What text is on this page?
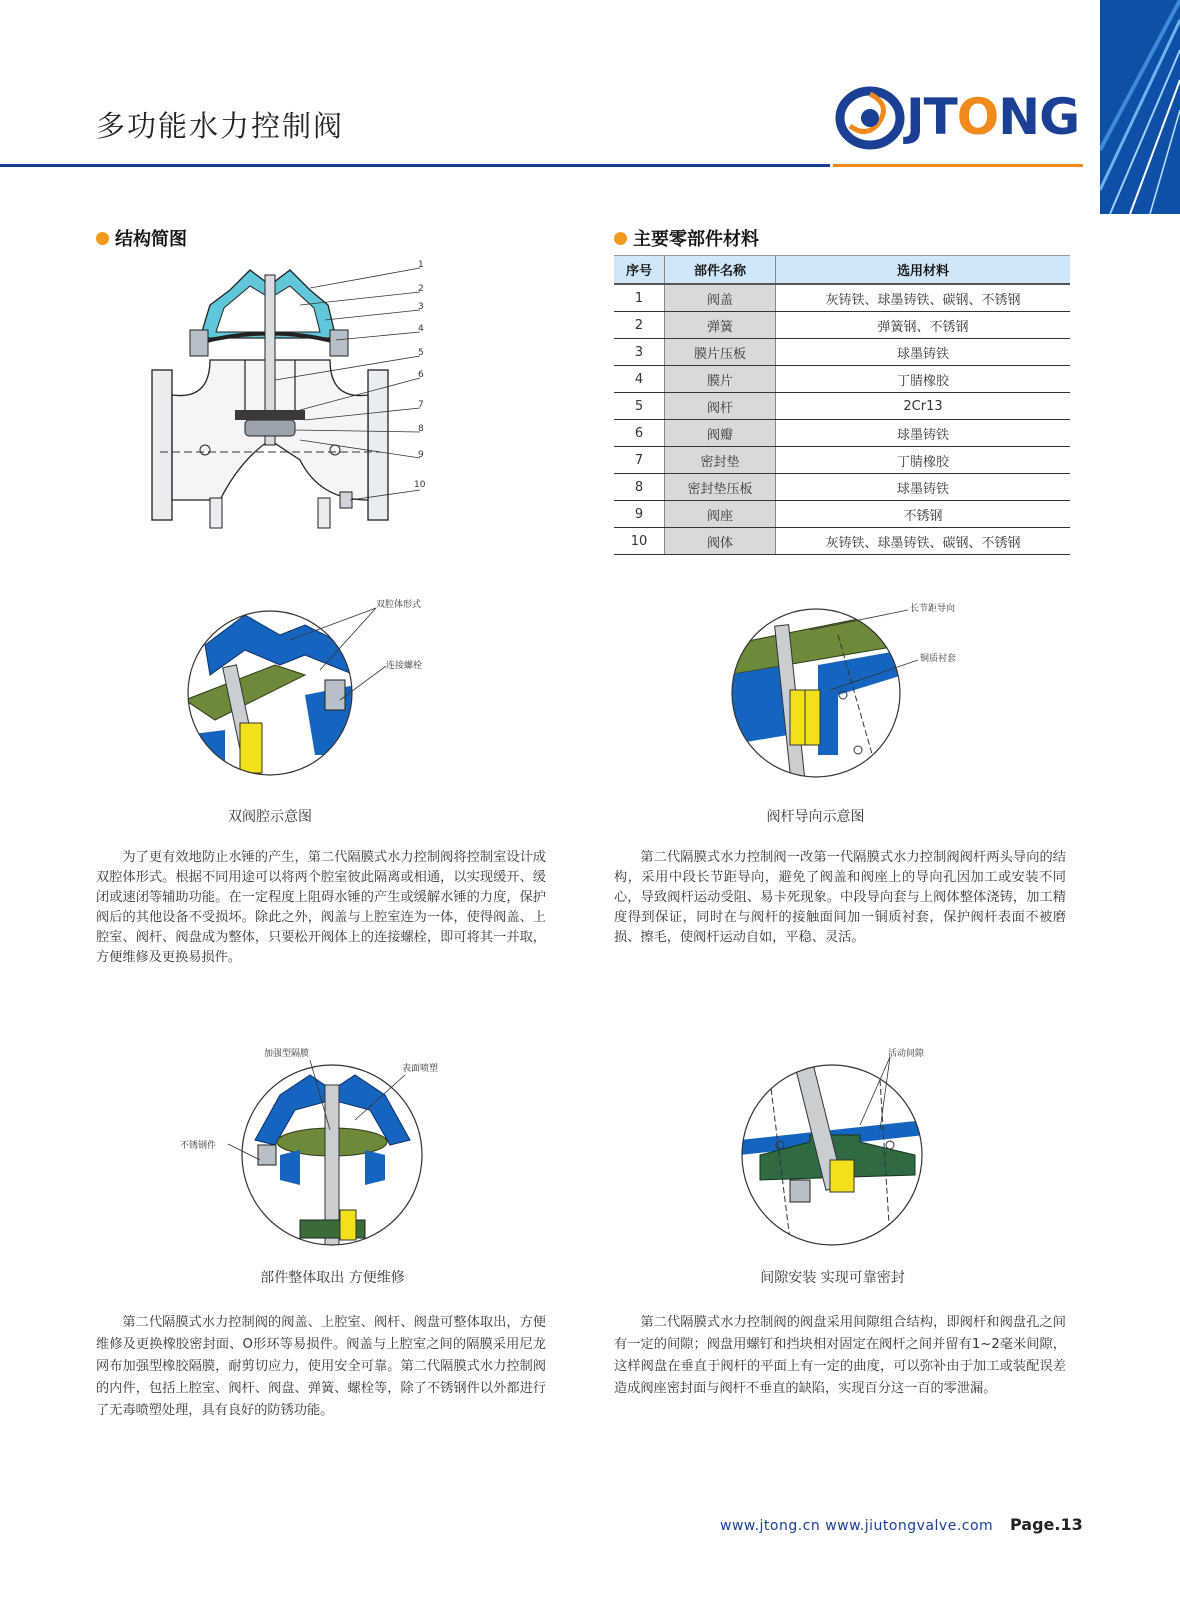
多功能水力控制阀	JTONG
结构简图	主要零部件材料
1
2
3
4
5
6
7
8
9
10
序号	部件名称	选用材料
1	阀盖	灰铸铁、球墨铸铁、碳钢、不锈钢
2	弹簧	弹簧钢、不锈钢
3	膜片压板	球墨铸铁
4	膜片	丁腈橡胶
5	阀杆	2Cr13
6	阀瓣	球墨铸铁
7	密封垫	丁腈橡胶
8	密封垫压板	球墨铸铁
9	阀座	不锈钢
10	阀体	灰铸铁、球墨铸铁、碳钢、不锈钢
双腔体形式
连接螺栓
双阀腔示意图
为了更有效地防止水锤的产生，第二代隔膜式水力控制阀将控制室设计成双腔体形式。根据不同用途可以将两个腔室彼此隔离或相通，以实现缓开、缓闭或速闭等辅助功能。在一定程度上阻碍水锤的产生或缓解水锤的力度，保护阀后的其他设备不受损坏。除此之外，阀盖与上腔室连为一体，使得阀盖、上腔室、阀杆、阀盘成为整体，只要松开阀体上的连接螺栓，即可将其一并取，方便维修及更换易损件。
长节距导向
铜质衬套
阀杆导向示意图
第二代隔膜式水力控制阀一改第一代隔膜式水力控制阀阀杆两头导向的结构，采用中段长节距导向，避免了阀盖和阀座上的导向孔因加工或安装不同心，导致阀杆运动受阻、易卡死现象。中段导向套与上阀体整体浇铸，加工精度得到保证，同时在与阀杆的接触面间加一铜质衬套，保护阀杆表面不被磨损、擦毛，使阀杆运动自如，平稳、灵活。
加强型隔膜
表面喷塑
不锈钢件
部件整体取出 方便维修
第二代隔膜式水力控制阀的阀盖、上腔室、阀杆、阀盘可整体取出，方便维修及更换橡胶密封面、O形环等易损件。阀盖与上腔室之间的隔膜采用尼龙网布加强型橡胶隔膜，耐剪切应力，使用安全可靠。第二代隔膜式水力控制阀的内件，包括上腔室、阀杆、阀盘、弹簧、螺栓等，除了不锈钢件以外都进行了无毒喷塑处理，具有良好的防锈功能。
活动间隙
间隙安装 实现可靠密封
第二代隔膜式水力控制阀的阀盘采用间隙组合结构，即阀杆和阀盘孔之间有一定的间隙；阀盘用螺钉和挡块相对固定在阀杆之间并留有1~2毫米间隙，这样阀盘在垂直于阀杆的平面上有一定的曲度，可以弥补由于加工或装配误差造成阀座密封面与阀杆不垂直的缺陷，实现百分这一百的零泄漏。
www.jtong.cn www.jiutongvalve.com Page.13
